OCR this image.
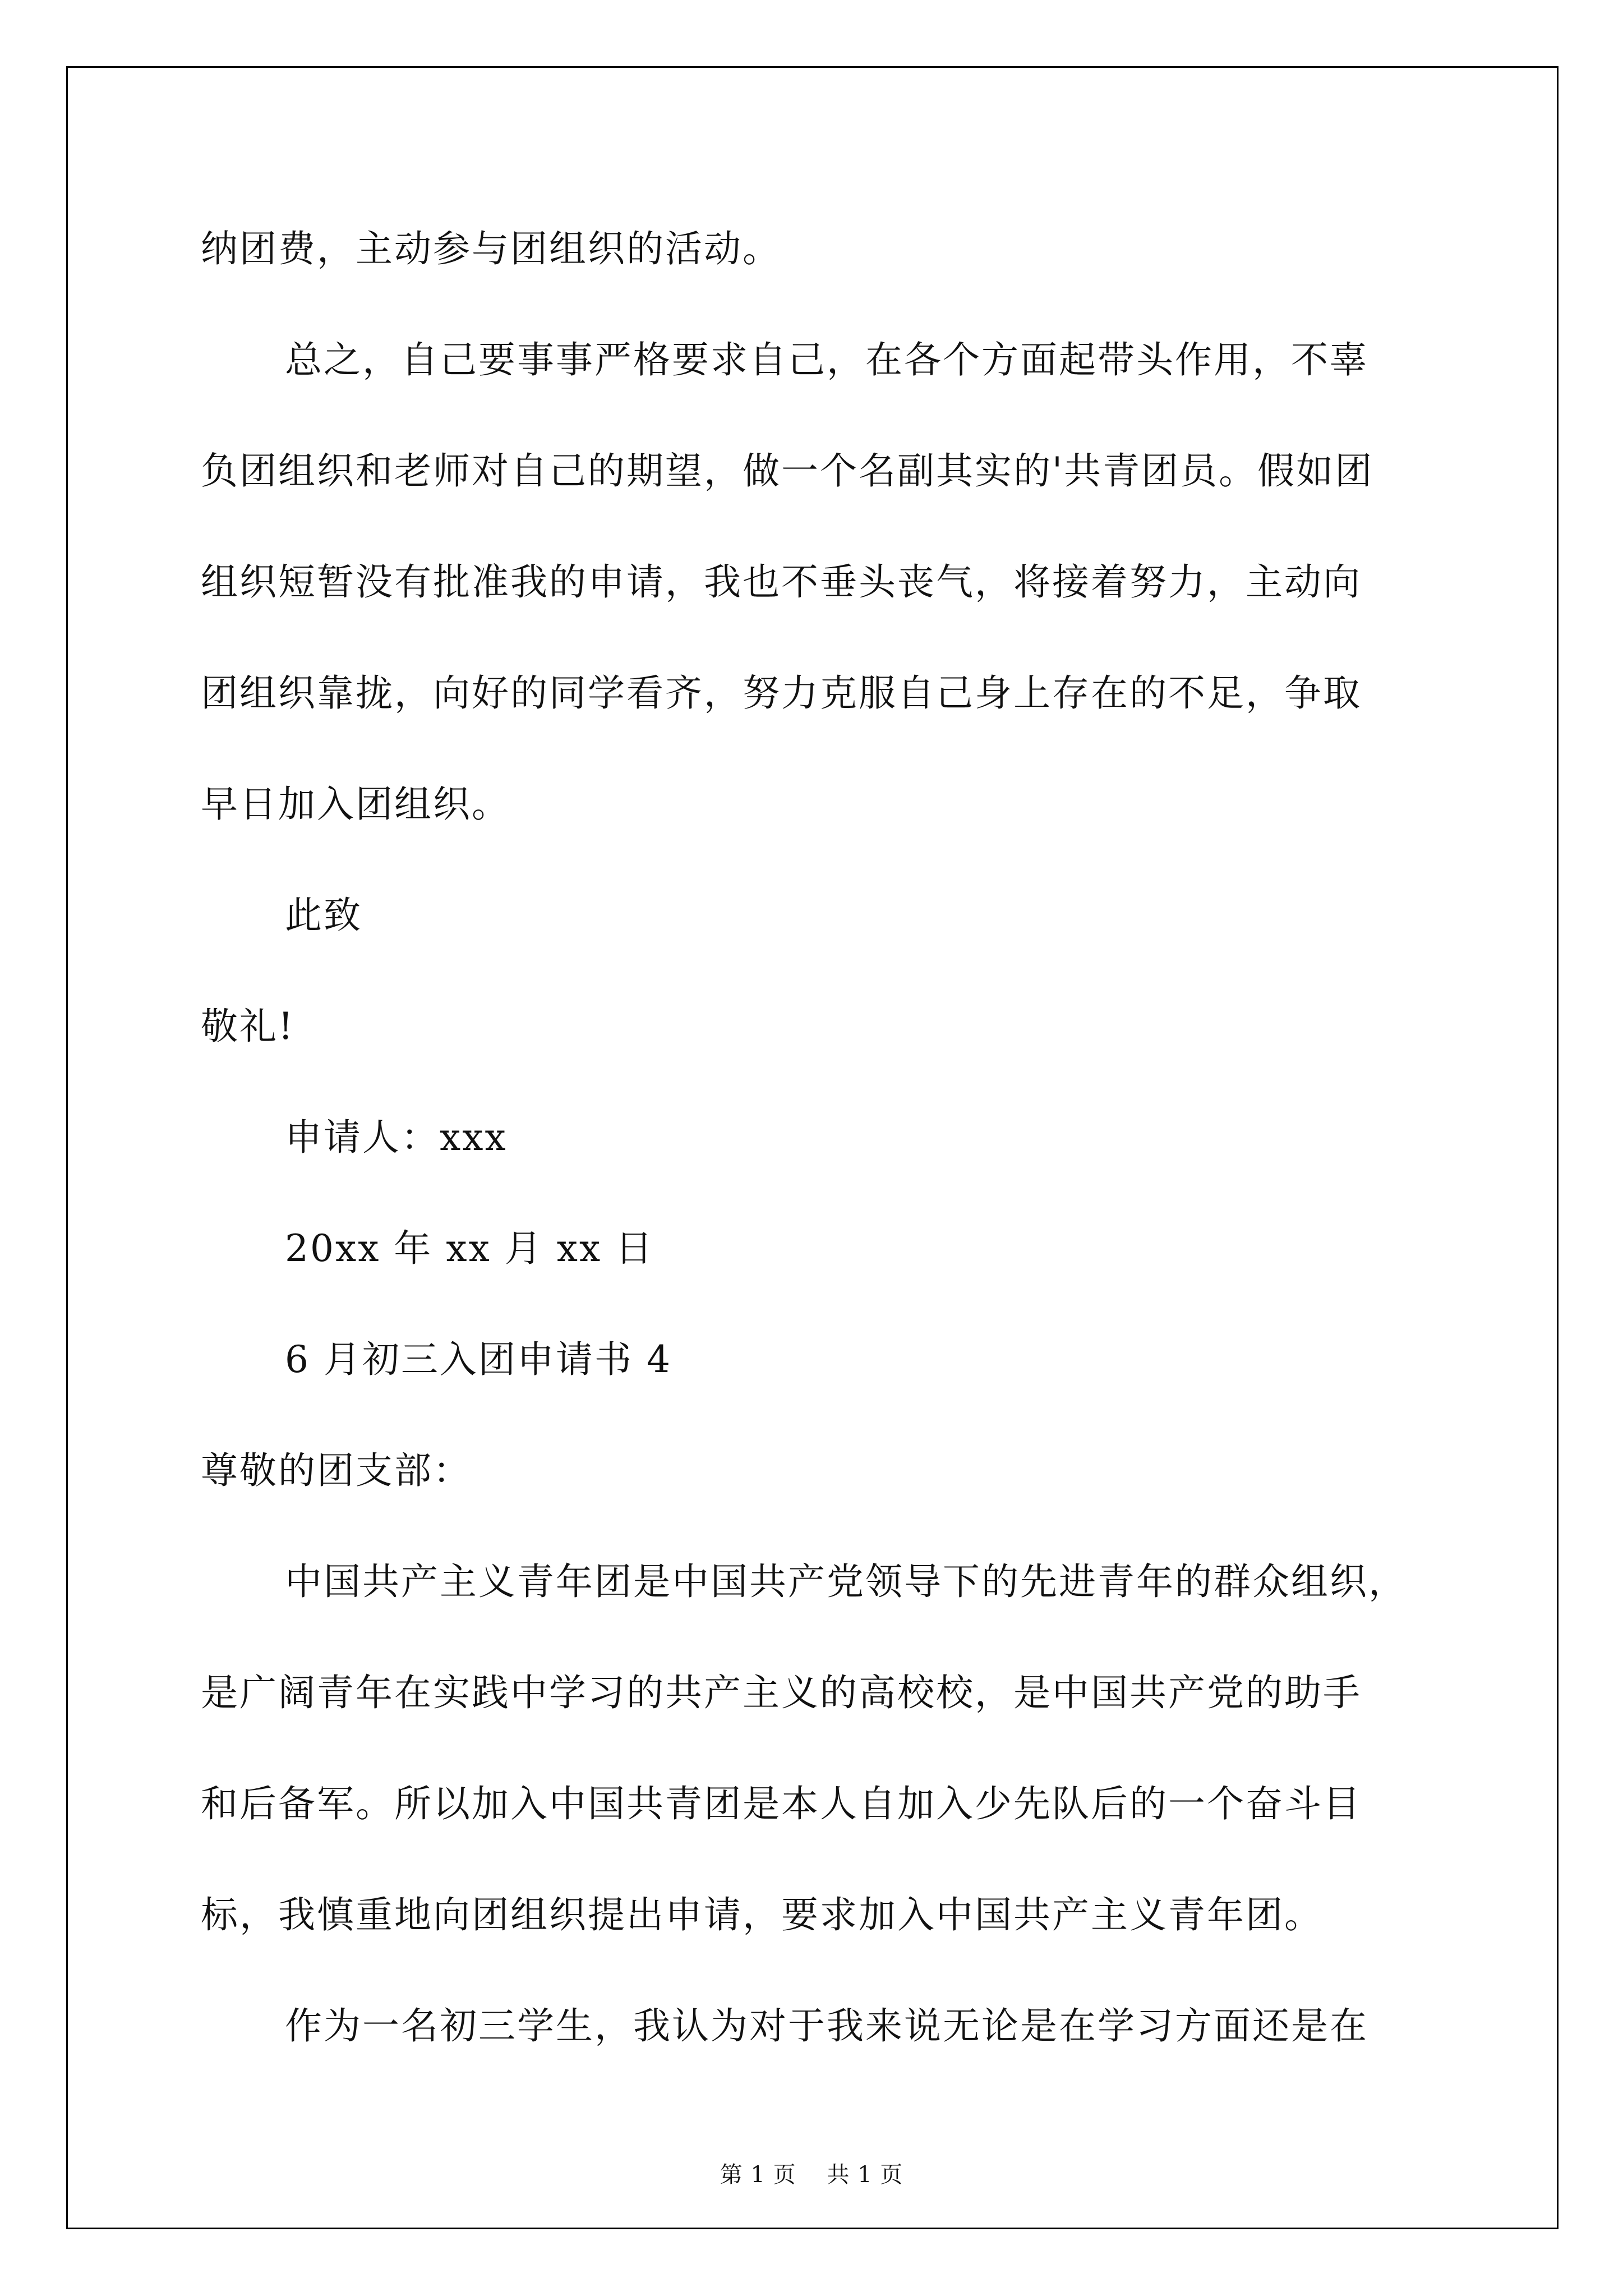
纳团费，主动参与团组织的活动。
总之，自己要事事严格要求自己，在各个方面起带头作用，不辜
负团组织和老师对自己的期望，做一个名副其实的'共青团员。假如团
组织短暂没有批准我的申请，我也不垂头丧气，将接着努力，主动向
团组织靠拢，向好的同学看齐，努力克服自己身上存在的不足，争取
早日加入团组织。
此致
敬礼!
申请人：xxx
20xx 年 xx 月 xx 日
6 月初三入团申请书 4
尊敬的团支部：
中国共产主义青年团是中国共产党领导下的先进青年的群众组织，
是广阔青年在实践中学习的共产主义的高校校，是中国共产党的助手
和后备军。所以加入中国共青团是本人自加入少先队后的一个奋斗目
标，我慎重地向团组织提出申请，要求加入中国共产主义青年团。
作为一名初三学生，我认为对于我来说无论是在学习方面还是在
第 1 页    共 1 页
